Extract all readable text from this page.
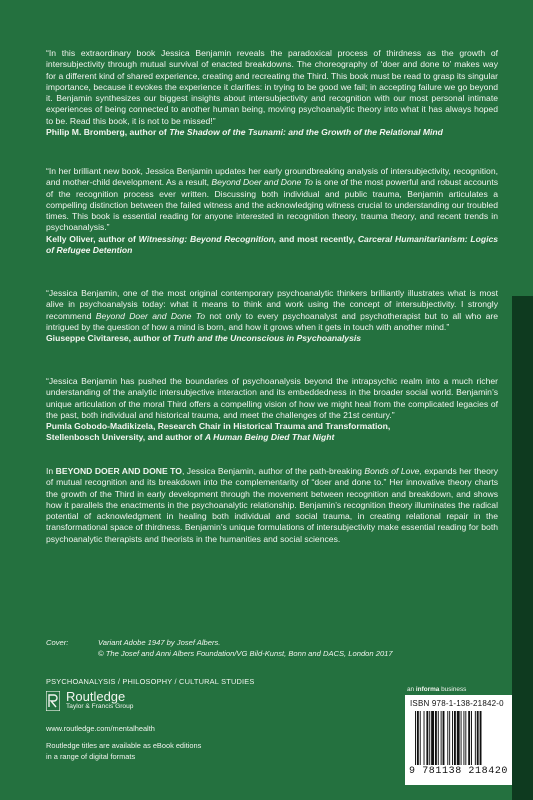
“In this extraordinary book Jessica Benjamin reveals the paradoxical process of thirdness as the growth of intersubjectivity through mutual survival of enacted breakdowns. The choreography of ‘doer and done to’ makes way for a different kind of shared experience, creating and recreating the Third. This book must be read to grasp its singular importance, because it evokes the experience it clarifies: in trying to be good we fail; in accepting failure we go beyond it. Benjamin synthesizes our biggest insights about intersubjectivity and recognition with our most personal intimate experiences of being connected to another human being, moving psychoanalytic theory into what it has always hoped to be. Read this book, it is not to be missed!”

Philip M. Bromberg, author of The Shadow of the Tsunami: and the Growth of the Relational Mind

“In her brilliant new book, Jessica Benjamin updates her early groundbreaking analysis of intersubjectivity, recognition, and mother-child development. As a result, Beyond Doer and Done To is one of the most powerful and robust accounts of the recognition process ever written. Discussing both individual and public trauma, Benjamin articulates a compelling distinction between the failed witness and the acknowledging witness crucial to understanding our troubled times. This book is essential reading for anyone interested in recognition theory, trauma theory, and recent trends in psychoanalysis.”

Kelly Oliver, author of Witnessing: Beyond Recognition, and most recently, Carceral Humanitarianism: Logics of Refugee Detention

“Jessica Benjamin, one of the most original contemporary psychoanalytic thinkers brilliantly illustrates what is most alive in psychoanalysis today: what it means to think and work using the concept of intersubjectivity. I strongly recommend Beyond Doer and Done To not only to every psychoanalyst and psychotherapist but to all who are intrigued by the question of how a mind is born, and how it grows when it gets in touch with another mind.”

Giuseppe Civitarese, author of Truth and the Unconscious in Psychoanalysis

“Jessica Benjamin has pushed the boundaries of psychoanalysis beyond the intrapsychic realm into a much richer understanding of the analytic intersubjective interaction and its embeddedness in the broader social world. Benjamin’s unique articulation of the moral Third offers a compelling vision of how we might heal from the complicated legacies of the past, both individual and historical trauma, and meet the challenges of the 21st century.”

Pumla Gobodo-Madikizela, Research Chair in Historical Trauma and Transformation,
Stellenbosch University, and author of A Human Being Died That Night

In BEYOND DOER AND DONE TO, Jessica Benjamin, author of the path-breaking Bonds of Love, expands her theory of mutual recognition and its breakdown into the complementarity of “doer and done to.” Her innovative theory charts the growth of the Third in early development through the movement between recognition and breakdown, and shows how it parallels the enactments in the psychoanalytic relationship. Benjamin’s recognition theory illuminates the radical potential of acknowledgment in healing both individual and social trauma, in creating relational repair in the transformational space of thirdness. Benjamin’s unique formulations of intersubjectivity make essential reading for both psychoanalytic therapists and theorists in the humanities and social sciences.

Cover:	Variant Adobe 1947 by Josef Albers.
© The Josef and Anni Albers Foundation/VG Bild-Kunst, Bonn and DACS, London 2017
PSYCHOANALYSIS / PHILOSOPHY / CULTURAL STUDIES
Routledge
Taylor & Francis Group
www.routledge.com/mentalhealth
Routledge titles are available as eBook editions
in a range of digital formats
an informa business
ISBN 978-1-138-21842-0
9 781138 218420
